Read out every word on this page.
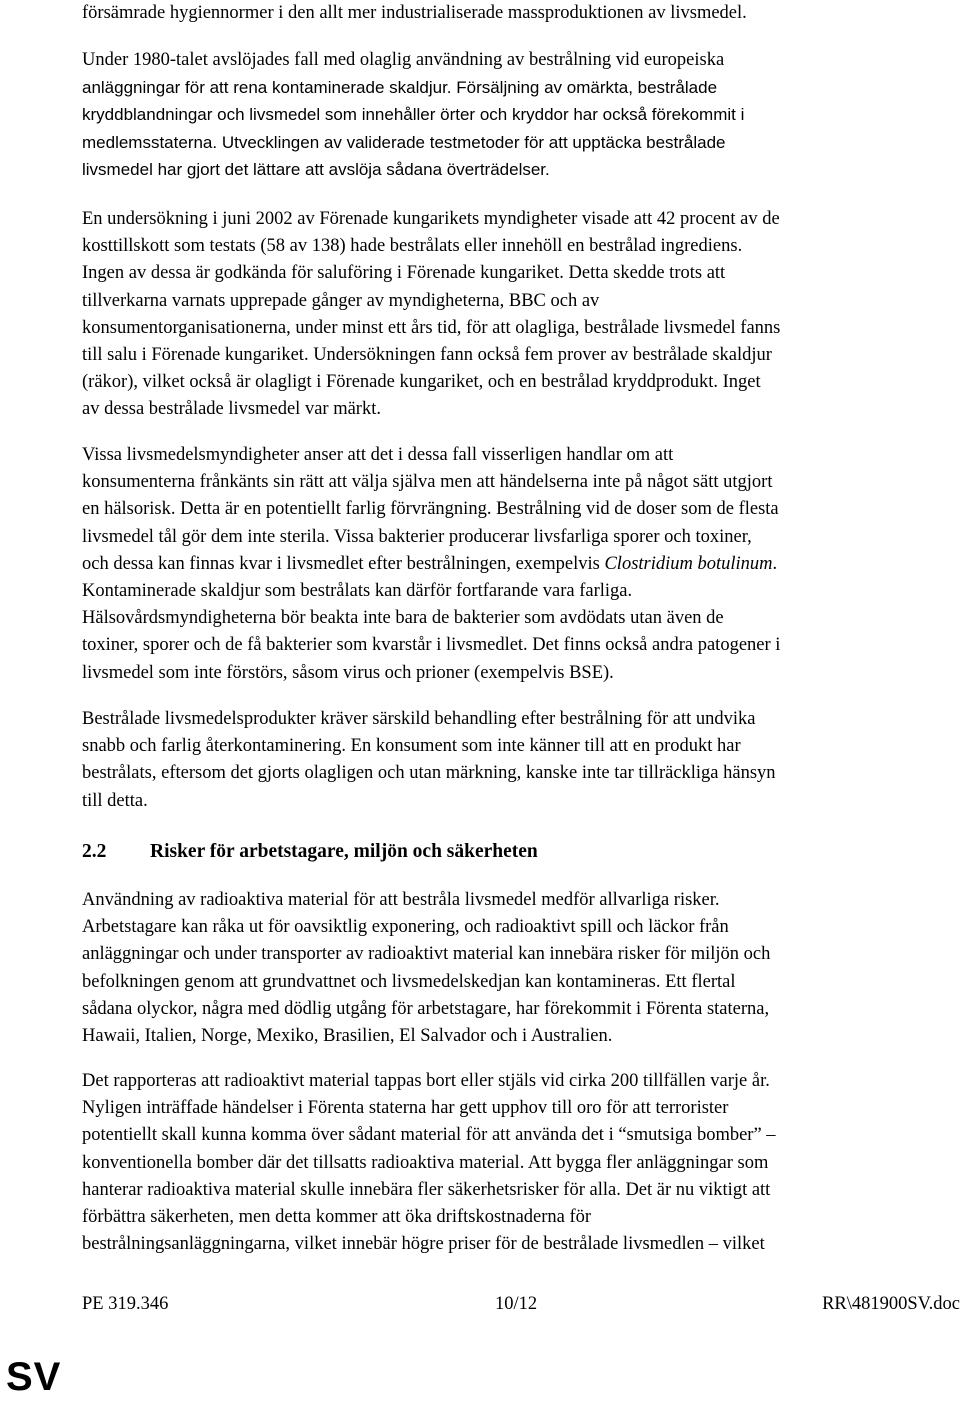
försämrade hygiennormer i den allt mer industrialiserade massproduktionen av livsmedel.
Under 1980-talet avslöjades fall med olaglig användning av bestrålning vid europeiska
anläggningar för att rena kontaminerade skaldjur. Försäljning av omärkta, bestrålade
kryddblandningar och livsmedel som innehåller örter och kryddor har också förekommit i
medlemsstaterna. Utvecklingen av validerade testmetoder för att upptäcka bestrålade
livsmedel har gjort det lättare att avslöja sådana överträdelser.
En undersökning i juni 2002 av Förenade kungarikets myndigheter visade att 42 procent av de
kosttillskott som testats (58 av 138) hade bestrålats eller innehöll en bestrålad ingrediens.
Ingen av dessa är godkända för saluföring i Förenade kungariket. Detta skedde trots att
tillverkarna varnats upprepade gånger av myndigheterna, BBC och av
konsumentorganisationerna, under minst ett års tid, för att olagliga, bestrålade livsmedel fanns
till salu i Förenade kungariket. Undersökningen fann också fem prover av bestrålade skaldjur
(räkor), vilket också är olagligt i Förenade kungariket, och en bestrålad kryddprodukt. Inget
av dessa bestrålade livsmedel var märkt.
Vissa livsmedelsmyndigheter anser att det i dessa fall visserligen handlar om att
konsumenterna frånkänts sin rätt att välja själva men att händelserna inte på något sätt utgjort
en hälsorisk. Detta är en potentiellt farlig förvrängning. Bestrålning vid de doser som de flesta
livsmedel tål gör dem inte sterila. Vissa bakterier producerar livsfarliga sporer och toxiner,
och dessa kan finnas kvar i livsmedlet efter bestrålningen, exempelvis Clostridium botulinum.
Kontaminerade skaldjur som bestrålats kan därför fortfarande vara farliga.
Hälsovårdsmyndigheterna bör beakta inte bara de bakterier som avdödats utan även de
toxiner, sporer och de få bakterier som kvarstår i livsmedlet. Det finns också andra patogener i
livsmedel som inte förstörs, såsom virus och prioner (exempelvis BSE).
Bestrålade livsmedelsprodukter kräver särskild behandling efter bestrålning för att undvika
snabb och farlig återkontaminering. En konsument som inte känner till att en produkt har
bestrålats, eftersom det gjorts olagligen och utan märkning, kanske inte tar tillräckliga hänsyn
till detta.
2.2 Risker för arbetstagare, miljön och säkerheten
Användning av radioaktiva material för att bestråla livsmedel medför allvarliga risker.
Arbetstagare kan råka ut för oavsiktlig exponering, och radioaktivt spill och läckor från
anläggningar och under transporter av radioaktivt material kan innebära risker för miljön och
befolkningen genom att grundvattnet och livsmedelskedjan kan kontamineras. Ett flertal
sådana olyckor, några med dödlig utgång för arbetstagare, har förekommit i Förenta staterna,
Hawaii, Italien, Norge, Mexiko, Brasilien, El Salvador och i Australien.
Det rapporteras att radioaktivt material tappas bort eller stjäls vid cirka 200 tillfällen varje år.
Nyligen inträffade händelser i Förenta staterna har gett upphov till oro för att terrorister
potentiellt skall kunna komma över sådant material för att använda det i “smutsiga bomber” –
konventionella bomber där det tillsatts radioaktiva material. Att bygga fler anläggningar som
hanterar radioaktiva material skulle innebära fler säkerhetsrisker för alla. Det är nu viktigt att
förbättra säkerheten, men detta kommer att öka driftskostnaderna för
bestrålningsanläggningarna, vilket innebär högre priser för de bestrålade livsmedlen – vilket
PE 319.346	10/12	RR\481900SV.doc
SV
